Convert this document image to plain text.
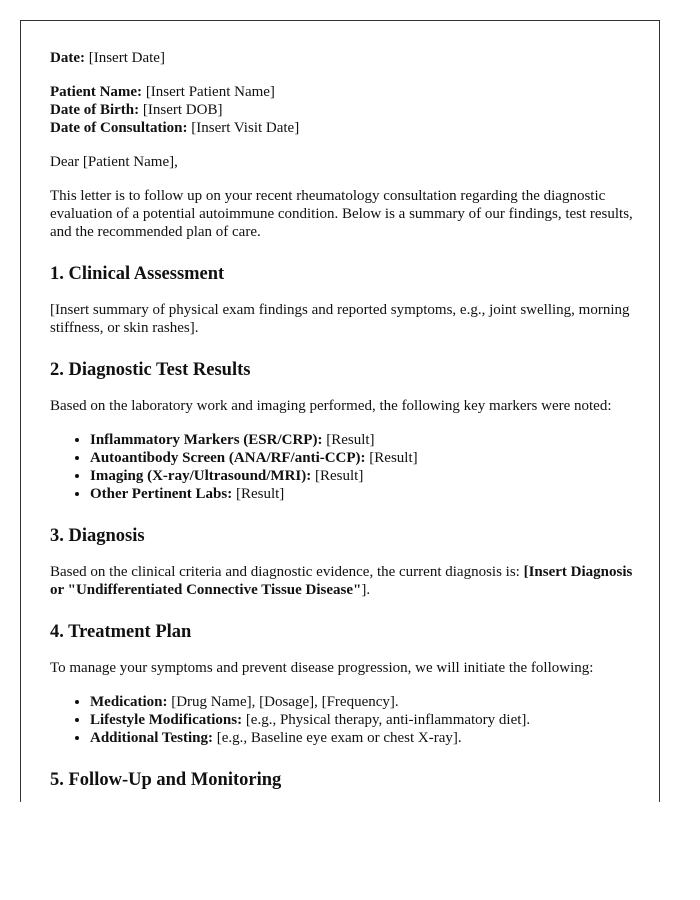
Date: [Insert Date]

Patient Name: [Insert Patient Name]
Date of Birth: [Insert DOB]
Date of Consultation: [Insert Visit Date]

Dear [Patient Name],

This letter is to follow up on your recent rheumatology consultation regarding the diagnostic evaluation of a potential autoimmune condition. Below is a summary of our findings, test results, and the recommended plan of care.

1. Clinical Assessment

[Insert summary of physical exam findings and reported symptoms, e.g., joint swelling, morning stiffness, or skin rashes].

2. Diagnostic Test Results

Based on the laboratory work and imaging performed, the following key markers were noted:

• Inflammatory Markers (ESR/CRP): [Result]
• Autoantibody Screen (ANA/RF/anti-CCP): [Result]
• Imaging (X-ray/Ultrasound/MRI): [Result]
• Other Pertinent Labs: [Result]
3. Diagnosis

Based on the clinical criteria and diagnostic evidence, the current diagnosis is: [Insert Diagnosis or "Undifferentiated Connective Tissue Disease"].

4. Treatment Plan

To manage your symptoms and prevent disease progression, we will initiate the following:

• Medication: [Drug Name], [Dosage], [Frequency].
• Lifestyle Modifications: [e.g., Physical therapy, anti-inflammatory diet].
• Additional Testing: [e.g., Baseline eye exam or chest X-ray].
5. Follow-Up and Monitoring
